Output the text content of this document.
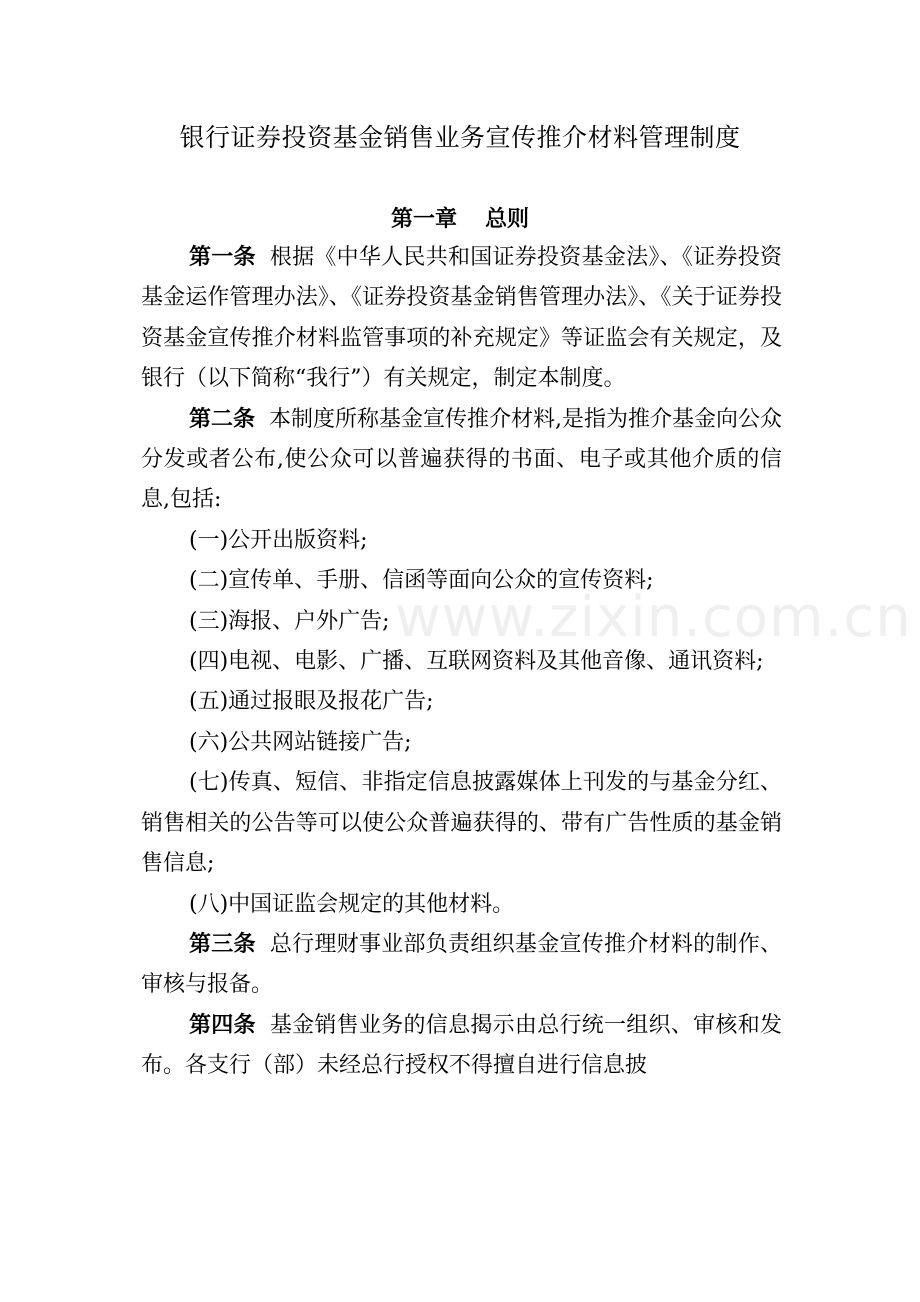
银行证券投资基金销售业务宣传推介材料管理制度
第一章 总则

第一条 根据《中华人民共和国证券投资基金法》、《证券投资基金运作管理办法》、《证券投资基金销售管理办法》、《关于证券投资基金宣传推介材料监管事项的补充规定》等证监会有关规定，及银行（以下简称“我行”）有关规定，制定本制度。

第二条 本制度所称基金宣传推介材料,是指为推介基金向公众分发或者公布,使公众可以普遍获得的书面、电子或其他介质的信息,包括:

(一)公开出版资料;

(二)宣传单、手册、信函等面向公众的宣传资料;

(三)海报、户外广告;

(四)电视、电影、广播、互联网资料及其他音像、通讯资料;

(五)通过报眼及报花广告;

(六)公共网站链接广告;

(七)传真、短信、非指定信息披露媒体上刊发的与基金分红、销售相关的公告等可以使公众普遍获得的、带有广告性质的基金销售信息;

(八)中国证监会规定的其他材料。

第三条 总行理财事业部负责组织基金宣传推介材料的制作、审核与报备。

第四条 基金销售业务的信息揭示由总行统一组织、审核和发布。各支行（部）未经总行授权不得擅自进行信息披

www.zixin.com.cn
